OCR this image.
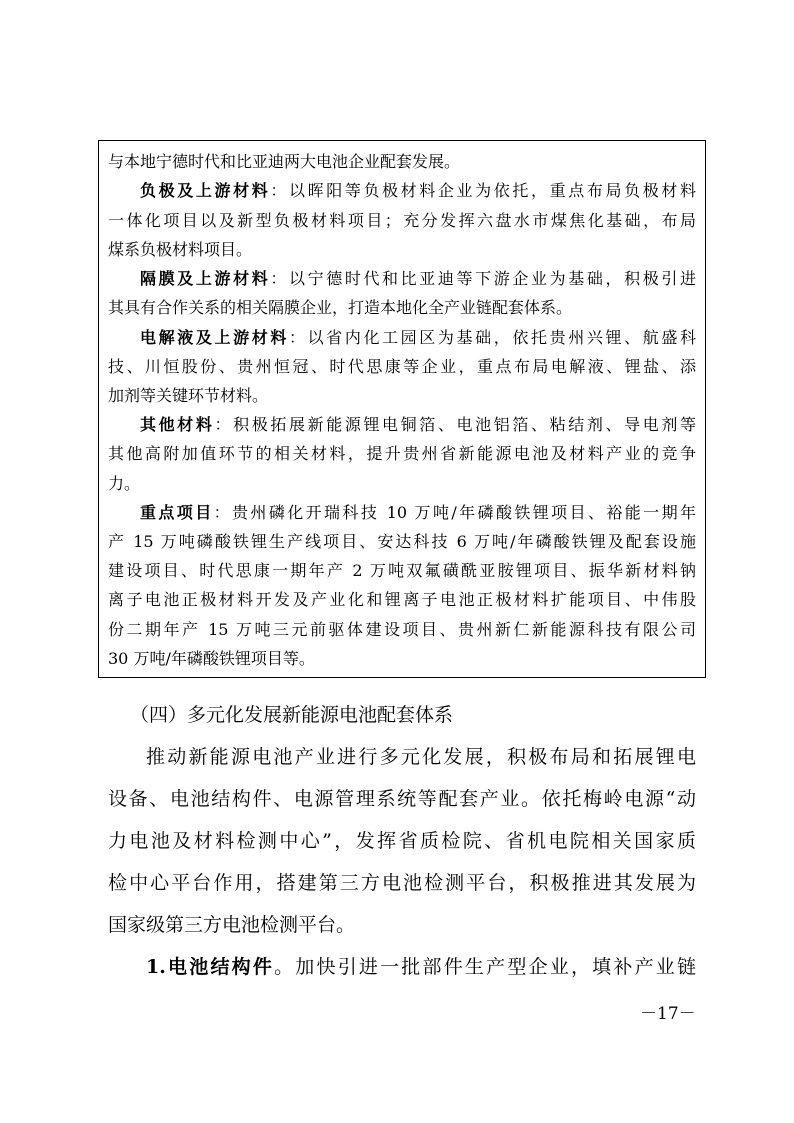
与本地宁德时代和比亚迪两大电池企业配套发展。
负极及上游材料：以晖阳等负极材料企业为依托，重点布局负极材料
一体化项目以及新型负极材料项目；充分发挥六盘水市煤焦化基础，布局
煤系负极材料项目。
隔膜及上游材料：以宁德时代和比亚迪等下游企业为基础，积极引进
其具有合作关系的相关隔膜企业，打造本地化全产业链配套体系。
电解液及上游材料：以省内化工园区为基础，依托贵州兴锂、航盛科
技、川恒股份、贵州恒冠、时代思康等企业，重点布局电解液、锂盐、添
加剂等关键环节材料。
其他材料：积极拓展新能源锂电铜箔、电池铝箔、粘结剂、导电剂等
其他高附加值环节的相关材料，提升贵州省新能源电池及材料产业的竞争
力。
重点项目：贵州磷化开瑞科技 10 万吨/年磷酸铁锂项目、裕能一期年
产 15 万吨磷酸铁锂生产线项目、安达科技 6 万吨/年磷酸铁锂及配套设施
建设项目、时代思康一期年产 2 万吨双氟磺酰亚胺锂项目、振华新材料钠
离子电池正极材料开发及产业化和锂离子电池正极材料扩能项目、中伟股
份二期年产 15 万吨三元前驱体建设项目、贵州新仁新能源科技有限公司
30 万吨/年磷酸铁锂项目等。
（四）多元化发展新能源电池配套体系
推动新能源电池产业进行多元化发展，积极布局和拓展锂电
设备、电池结构件、电源管理系统等配套产业。依托梅岭电源“动
力电池及材料检测中心”，发挥省质检院、省机电院相关国家质
检中心平台作用，搭建第三方电池检测平台，积极推进其发展为
国家级第三方电池检测平台。
1.电池结构件。加快引进一批部件生产型企业，填补产业链
－17－
